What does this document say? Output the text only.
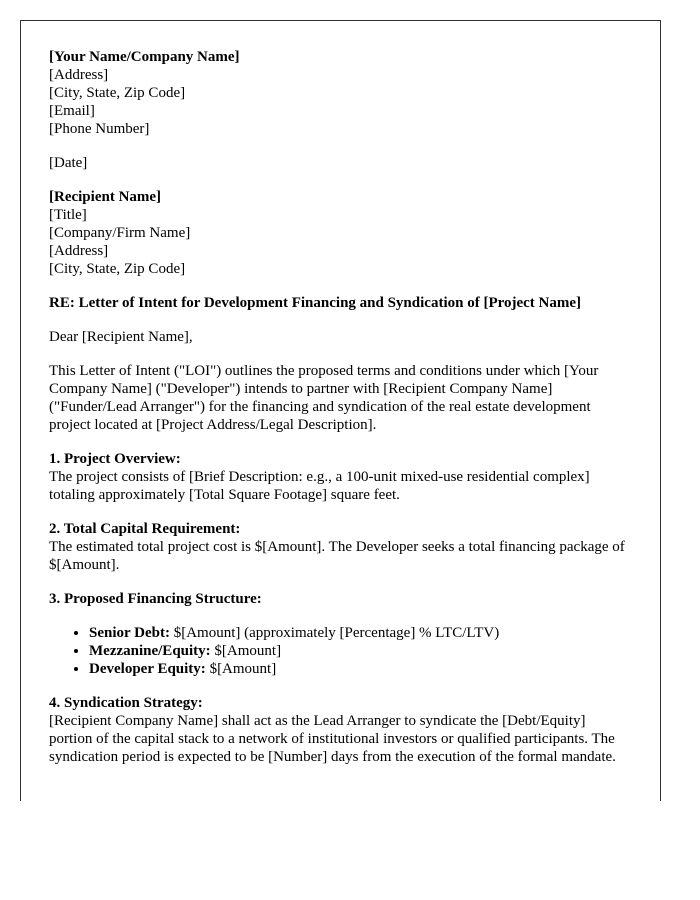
[Your Name/Company Name]
[Address]
[City, State, Zip Code]
[Email]
[Phone Number]

[Date]

[Recipient Name]
[Title]
[Company/Firm Name]
[Address]
[City, State, Zip Code]

RE: Letter of Intent for Development Financing and Syndication of [Project Name]

Dear [Recipient Name],

This Letter of Intent ("LOI") outlines the proposed terms and conditions under which [Your Company Name] ("Developer") intends to partner with [Recipient Company Name] ("Funder/Lead Arranger") for the financing and syndication of the real estate development project located at [Project Address/Legal Description].

1. Project Overview:
The project consists of [Brief Description: e.g., a 100-unit mixed-use residential complex] totaling approximately [Total Square Footage] square feet.

2. Total Capital Requirement:
The estimated total project cost is $[Amount]. The Developer seeks a total financing package of $[Amount].

3. Proposed Financing Structure:

• Senior Debt: $[Amount] (approximately [Percentage] % LTC/LTV)
• Mezzanine/Equity: $[Amount]
• Developer Equity: $[Amount]

4. Syndication Strategy:
[Recipient Company Name] shall act as the Lead Arranger to syndicate the [Debt/Equity] portion of the capital stack to a network of institutional investors or qualified participants. The syndication period is expected to be [Number] days from the execution of the formal mandate.
